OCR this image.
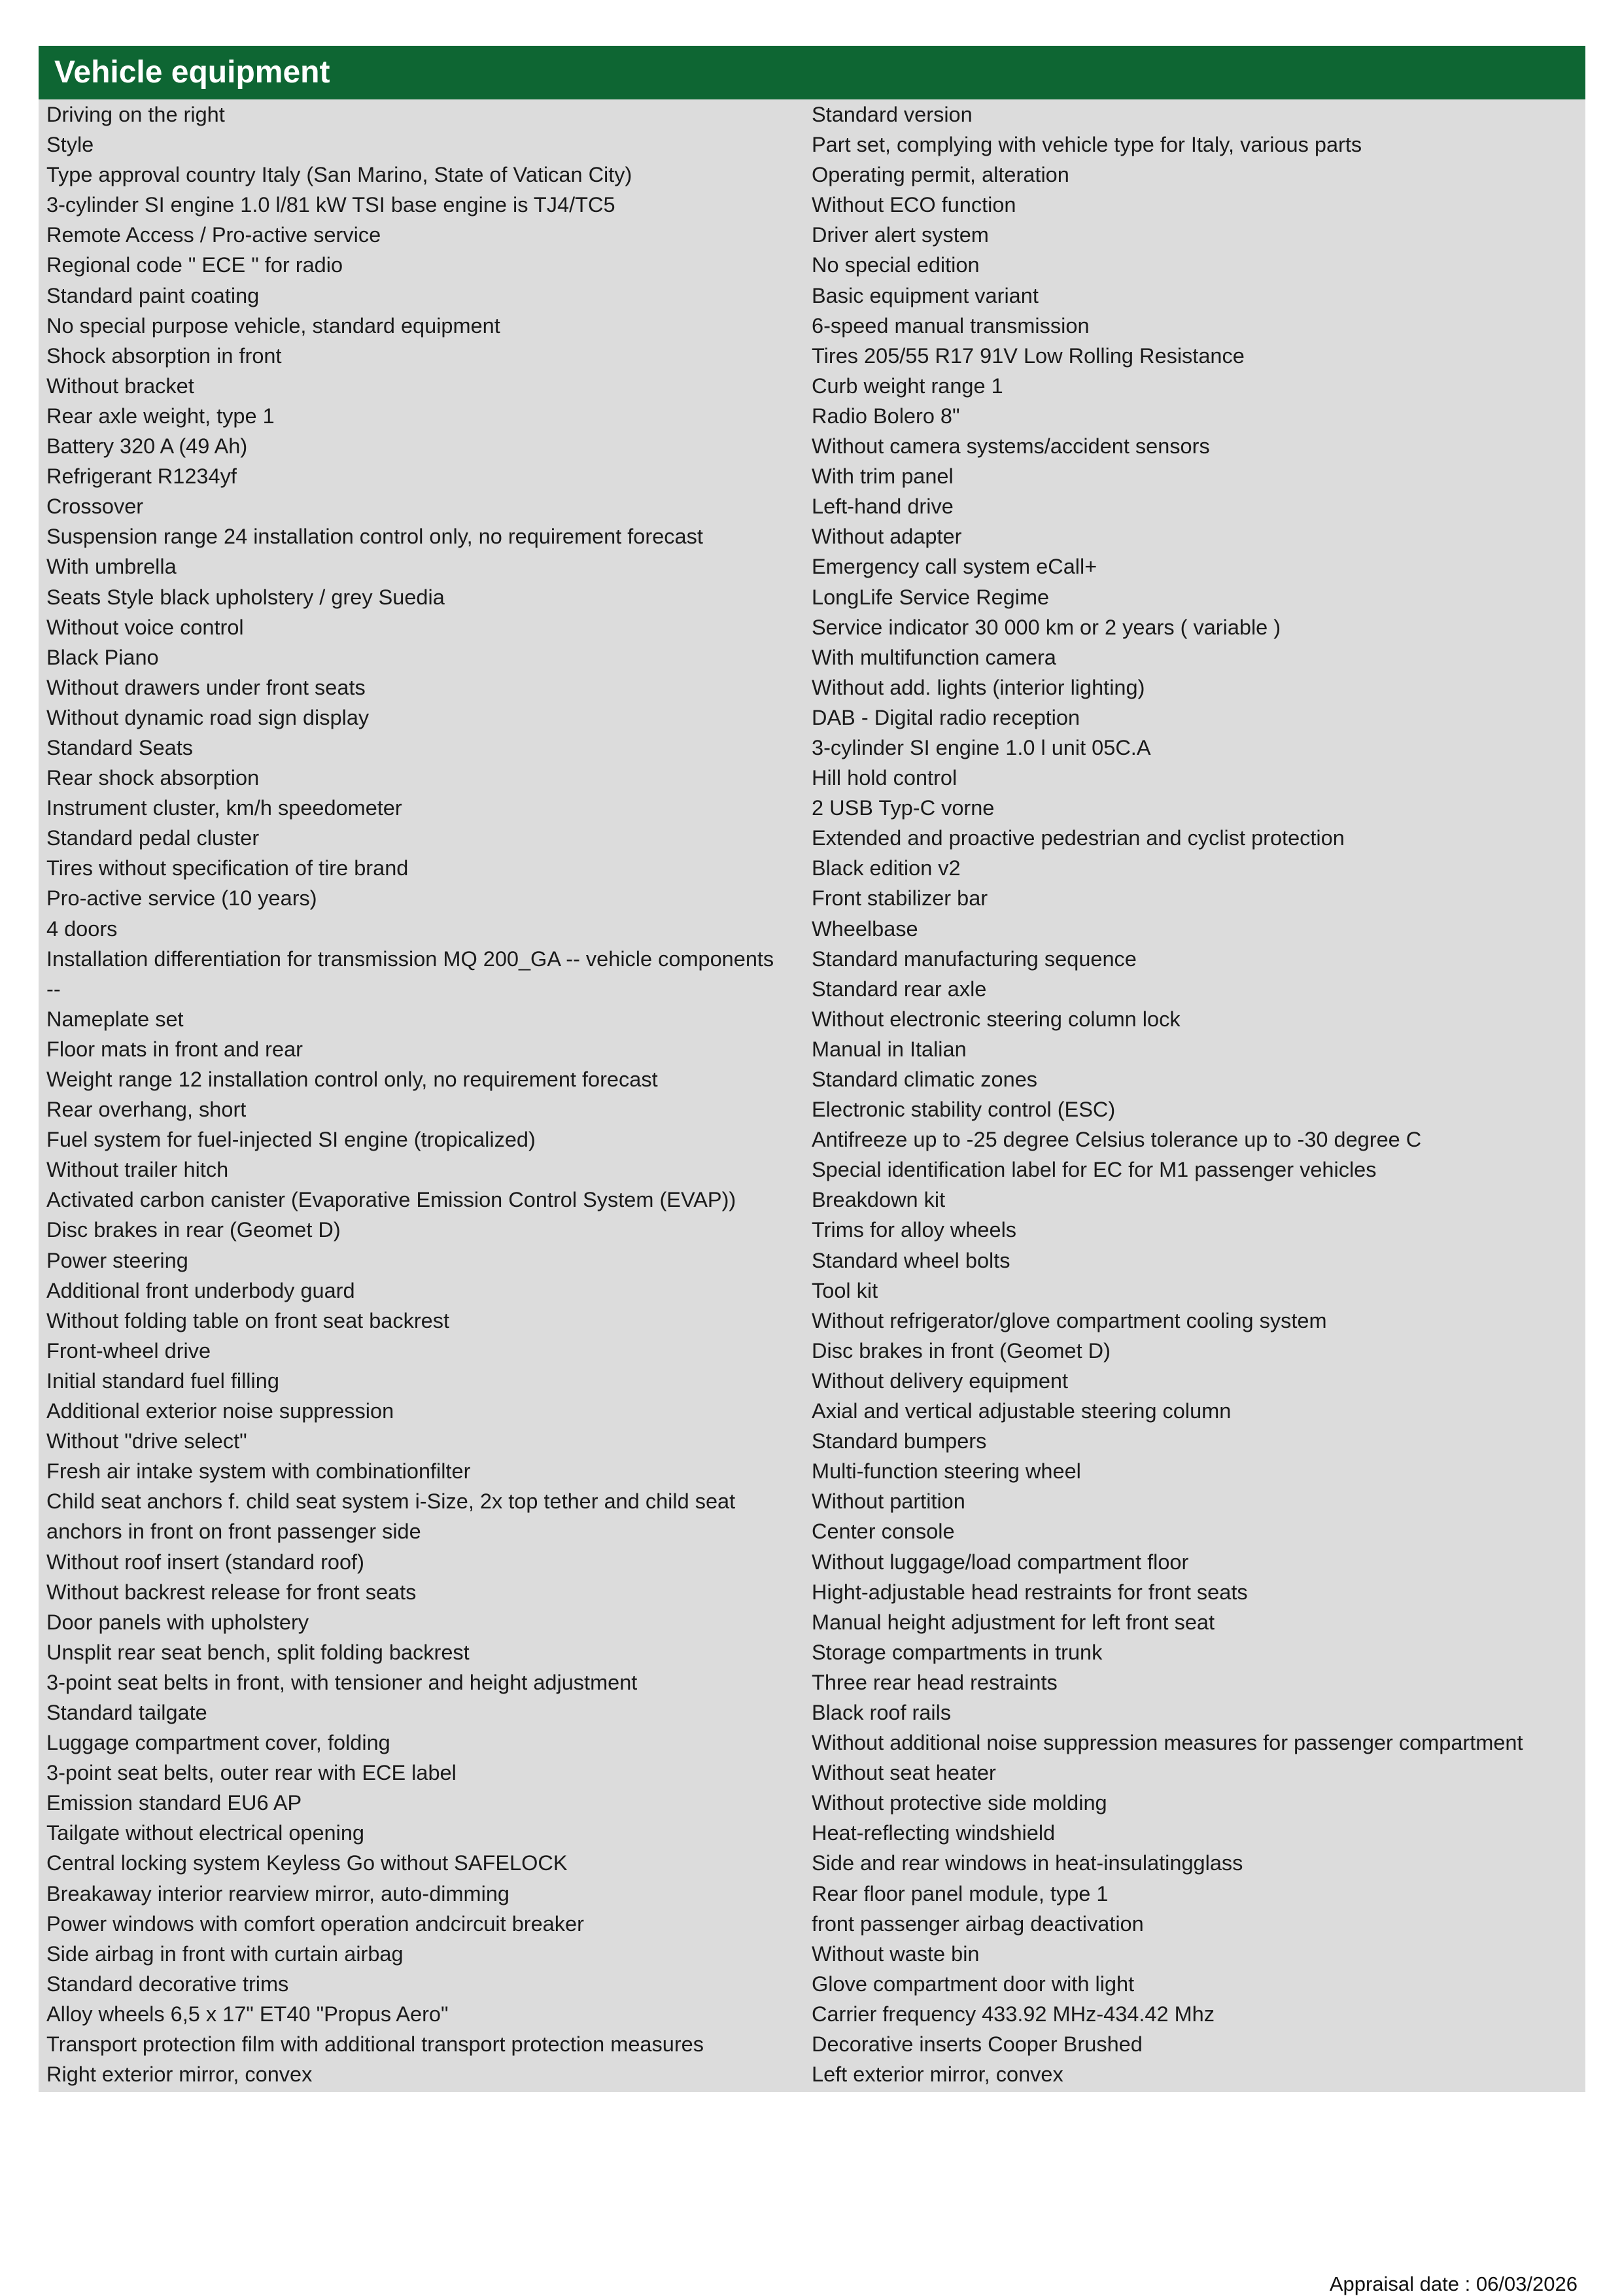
Vehicle equipment
Driving on the right
Style
Type approval country Italy (San Marino, State of Vatican City)
3-cylinder SI engine 1.0 l/81 kW TSI base engine is TJ4/TC5
Remote Access / Pro-active service
Regional code " ECE " for radio
Standard paint coating
No special purpose vehicle, standard equipment
Shock absorption in front
Without bracket
Rear axle weight, type 1
Battery 320 A (49 Ah)
Refrigerant R1234yf
Crossover
Suspension range 24 installation control only, no requirement forecast
With umbrella
Seats Style black upholstery / grey Suedia
Without voice control
Black Piano
Without drawers under front seats
Without dynamic road sign display
Standard Seats
Rear shock absorption
Instrument cluster, km/h speedometer
Standard pedal cluster
Tires without specification of tire brand
Pro-active service (10 years)
4 doors
Installation differentiation for transmission MQ 200_GA -- vehicle components
--
Nameplate set
Floor mats in front and rear
Weight range 12 installation control only, no requirement forecast
Rear overhang, short
Fuel system for fuel-injected SI engine (tropicalized)
Without trailer hitch
Activated carbon canister (Evaporative Emission Control System (EVAP))
Disc brakes in rear (Geomet D)
Power steering
Additional front underbody guard
Without folding table on front seat backrest
Front-wheel drive
Initial standard fuel filling
Additional exterior noise suppression
Without "drive select"
Fresh air intake system with combinationfilter
Child seat anchors f. child seat system i-Size, 2x top tether and child seat
anchors in front on front passenger side
Without roof insert (standard roof)
Without backrest release for front seats
Door panels with upholstery
Unsplit rear seat bench, split folding backrest
3-point seat belts in front, with tensioner and height adjustment
Standard tailgate
Luggage compartment cover, folding
3-point seat belts, outer rear with ECE label
Emission standard EU6 AP
Tailgate without electrical opening
Central locking system Keyless Go without SAFELOCK
Breakaway interior rearview mirror, auto-dimming
Power windows with comfort operation andcircuit breaker
Side airbag in front with curtain airbag
Standard decorative trims
Alloy wheels 6,5 x 17" ET40 "Propus Aero"
Transport protection film with additional transport protection measures
Right exterior mirror, convex
Standard version
Part set, complying with vehicle type for Italy, various parts
Operating permit, alteration
Without ECO function
Driver alert system
No special edition
Basic equipment variant
6-speed manual transmission
Tires 205/55 R17 91V Low Rolling Resistance
Curb weight range 1
Radio Bolero 8"
Without camera systems/accident sensors
With trim panel
Left-hand drive
Without adapter
Emergency call system eCall+
LongLife Service Regime
Service indicator 30 000 km or 2 years ( variable )
With multifunction camera
Without add. lights (interior lighting)
DAB - Digital radio reception
3-cylinder SI engine 1.0 l unit 05C.A
Hill hold control
2 USB Typ-C vorne
Extended and proactive pedestrian and cyclist protection
Black edition v2
Front stabilizer bar
Wheelbase
Standard manufacturing sequence
Standard rear axle
Without electronic steering column lock
Manual in Italian
Standard climatic zones
Electronic stability control (ESC)
Antifreeze up to -25 degree Celsius tolerance up to -30 degree C
Special identification label for EC for M1 passenger vehicles
Breakdown kit
Trims for alloy wheels
Standard wheel bolts
Tool kit
Without refrigerator/glove compartment cooling system
Disc brakes in front (Geomet D)
Without delivery equipment
Axial and vertical adjustable steering column
Standard bumpers
Multi-function steering wheel
Without partition
Center console
Without luggage/load compartment floor
Hight-adjustable head restraints for front seats
Manual height adjustment for left front seat
Storage compartments in trunk
Three rear head restraints
Black roof rails
Without additional noise suppression measures for passenger compartment
Without seat heater
Without protective side molding
Heat-reflecting windshield
Side and rear windows in heat-insulatingglass
Rear floor panel module, type 1
front passenger airbag deactivation
Without waste bin
Glove compartment door with light
Carrier frequency 433.92 MHz-434.42 Mhz
Decorative inserts Cooper Brushed
Left exterior mirror, convex
Appraisal date : 06/03/2026
